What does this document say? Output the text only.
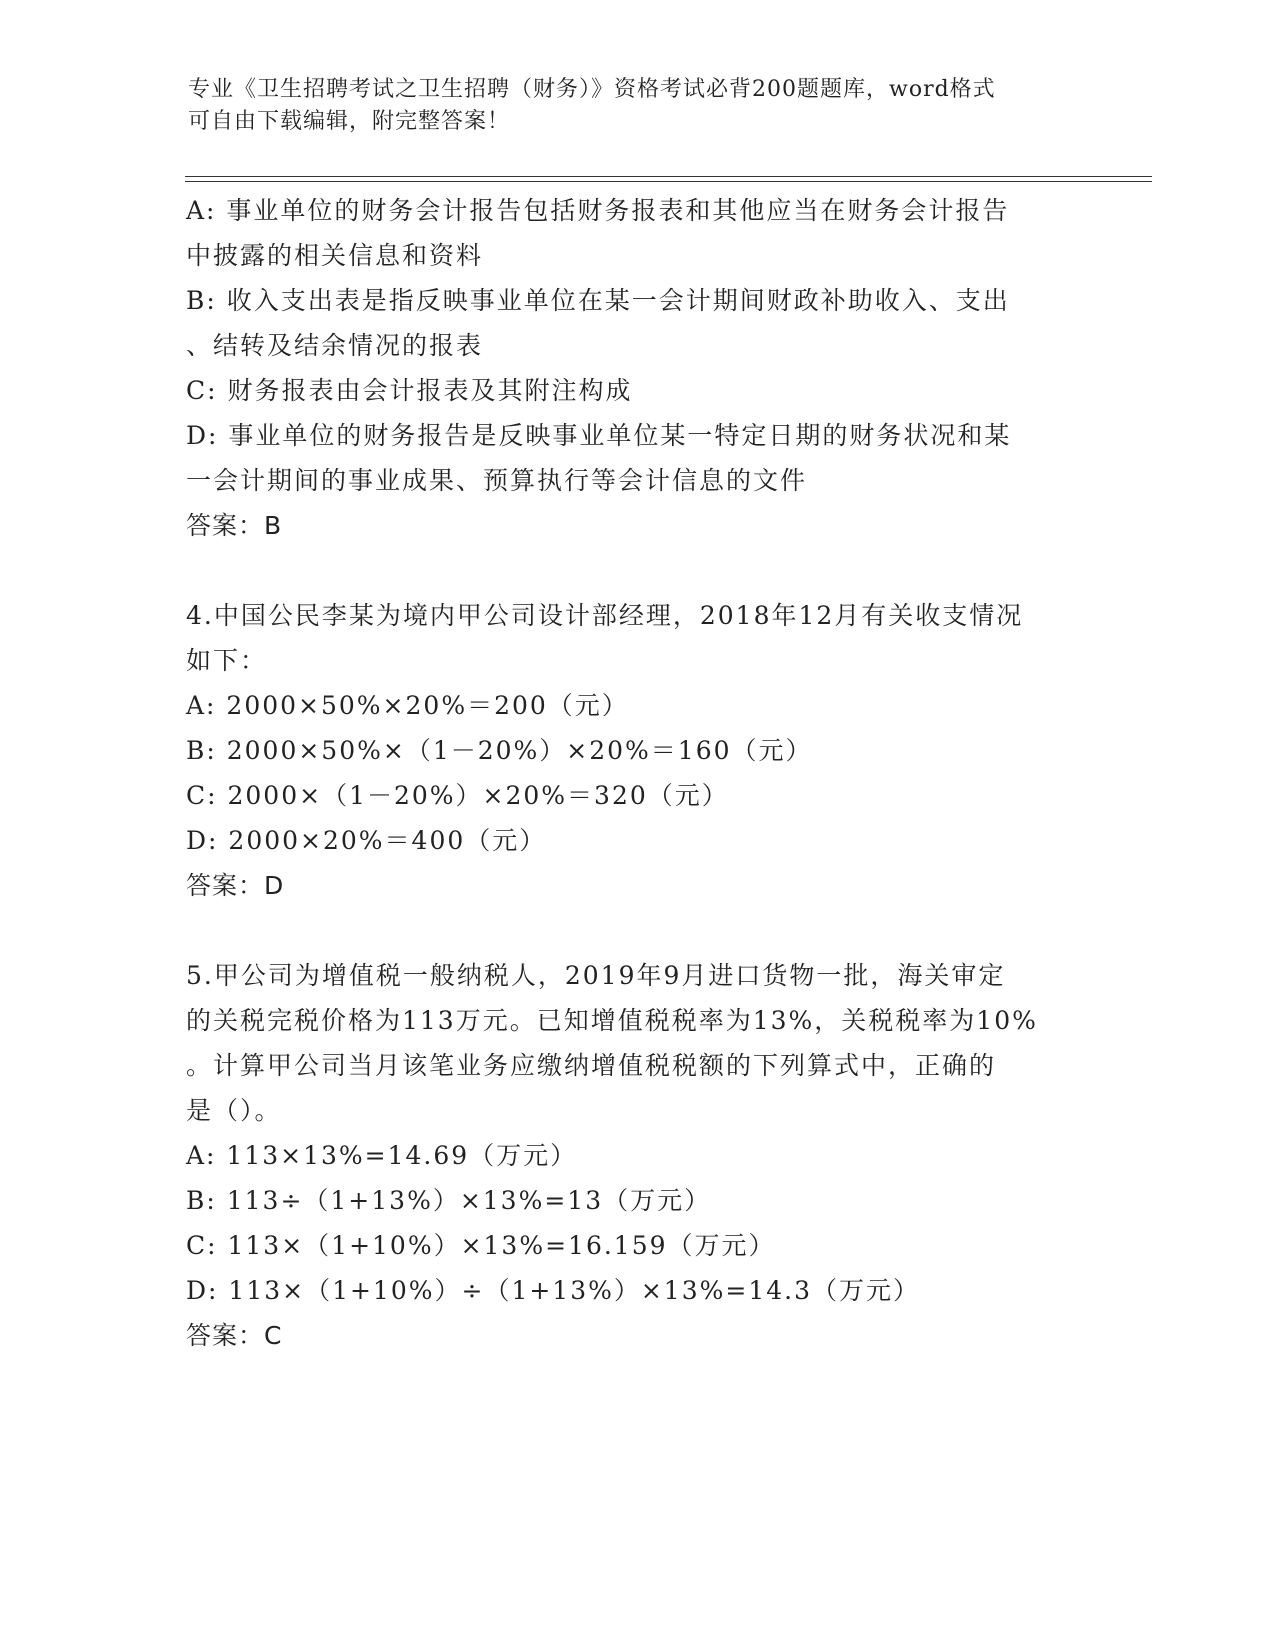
专业《卫生招聘考试之卫生招聘（财务）》资格考试必背200题题库，word格式
可自由下载编辑，附完整答案！
A: 事业单位的财务会计报告包括财务报表和其他应当在财务会计报告
中披露的相关信息和资料
B: 收入支出表是指反映事业单位在某一会计期间财政补助收入、支出
、结转及结余情况的报表
C: 财务报表由会计报表及其附注构成
D: 事业单位的财务报告是反映事业单位某一特定日期的财务状况和某
一会计期间的事业成果、预算执行等会计信息的文件
答案：B
4.中国公民李某为境内甲公司设计部经理，2018年12月有关收支情况
如下：
A: 2000×50%×20%＝200（元）
B: 2000×50%×（1－20%）×20%＝160（元）
C: 2000×（1－20%）×20%＝320（元）
D: 2000×20%＝400（元）
答案：D
5.甲公司为增值税一般纳税人，2019年9月进口货物一批，海关审定
的关税完税价格为113万元。已知增值税税率为13%，关税税率为10%
。计算甲公司当月该笔业务应缴纳增值税税额的下列算式中，正确的
是（）。
A: 113×13%=14.69（万元）
B: 113÷（1+13%）×13%=13（万元）
C: 113×（1+10%）×13%=16.159（万元）
D: 113×（1+10%）÷（1+13%）×13%=14.3（万元）
答案：C
